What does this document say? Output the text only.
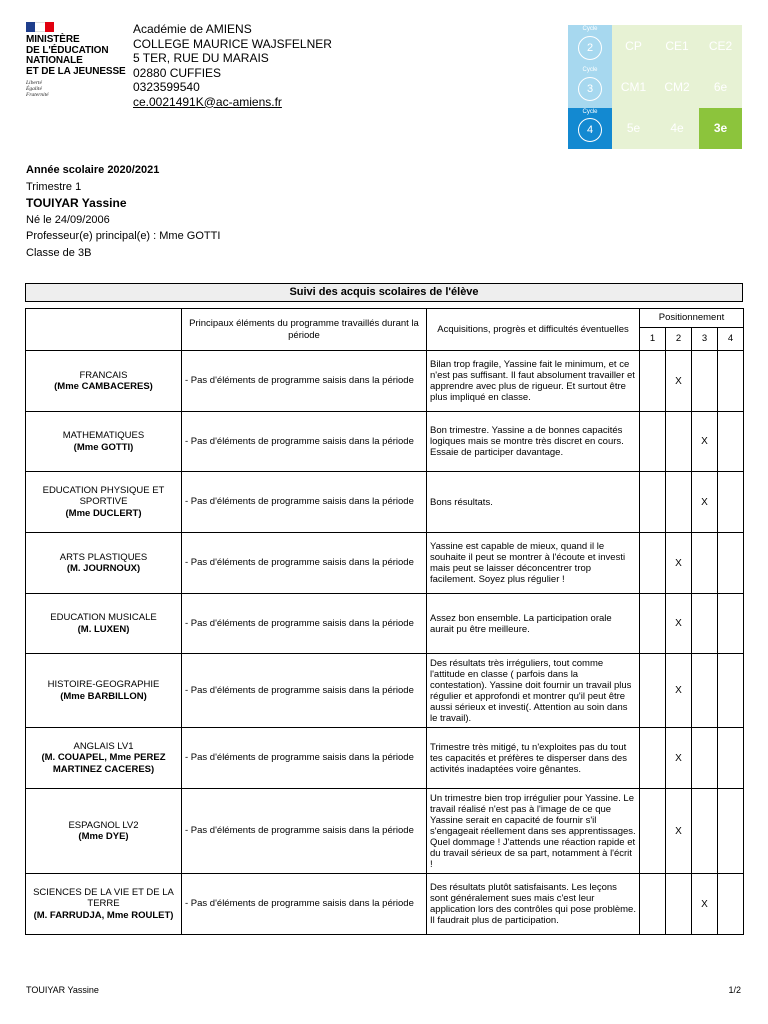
MINISTÈRE
DE L'ÉDUCATION
NATIONALE
ET DE LA JEUNESSE
Liberté
Égalité
Fraternité
Académie de AMIENS
COLLEGE MAURICE WAJSFELNER
5 TER, RUE DU MARAIS
02880 CUFFIES
0323599540
ce.0021491K@ac-amiens.fr
Cycle
2	CP	CE1	CE2
Cycle
3	CM1	CM2	6e
Cycle
4	5e	4e	3e
Année scolaire 2020/2021
Trimestre 1
TOUIYAR Yassine
Né le 24/09/2006
Professeur(e) principal(e) : Mme GOTTI
Classe de 3B
Suivi des acquis scolaires de l'élève
	Principaux éléments du programme travaillés durant la période	Acquisitions, progrès et difficultés éventuelles	Positionnement			
			1	2	3	4
FRANCAIS
(Mme CAMBACERES)	- Pas d'éléments de programme saisis dans la période	Bilan trop fragile, Yassine fait le minimum, et ce n'est pas suffisant. Il faut absolument travailler et apprendre avec plus de rigueur. Et surtout être plus impliqué en classe.		X		
MATHEMATIQUES
(Mme GOTTI)	- Pas d'éléments de programme saisis dans la période	Bon trimestre. Yassine a de bonnes capacités logiques mais se montre très discret en cours. Essaie de participer davantage.			X	
EDUCATION PHYSIQUE ET SPORTIVE
(Mme DUCLERT)	- Pas d'éléments de programme saisis dans la période	Bons résultats.			X	
ARTS PLASTIQUES
(M. JOURNOUX)	- Pas d'éléments de programme saisis dans la période	Yassine est capable de mieux, quand il le souhaite il peut se montrer à l'écoute et investi mais peut se laisser déconcentrer trop facilement. Soyez plus régulier !		X		
EDUCATION MUSICALE
(M. LUXEN)	- Pas d'éléments de programme saisis dans la période	Assez bon ensemble. La participation orale aurait pu être meilleure.		X		
HISTOIRE-GEOGRAPHIE
(Mme BARBILLON)	- Pas d'éléments de programme saisis dans la période	Des résultats très irréguliers, tout comme l'attitude en classe ( parfois dans la contestation). Yassine doit fournir un travail plus régulier et approfondi et montrer qu'il peut être aussi sérieux et investi(. Attention au soin dans le travail).		X		
ANGLAIS LV1
(M. COUAPEL, Mme PEREZ MARTINEZ CACERES)	- Pas d'éléments de programme saisis dans la période	Trimestre très mitigé, tu n'exploites pas du tout tes capacités et préfères te disperser dans des activités inadaptées voire gênantes.		X		
ESPAGNOL LV2
(Mme DYE)	- Pas d'éléments de programme saisis dans la période	Un trimestre bien trop irrégulier pour Yassine. Le travail réalisé n'est pas à l'image de ce que Yassine serait en capacité de fournir s'il s'engageait réellement dans ses apprentissages. Quel dommage ! J'attends une réaction rapide et du travail sérieux de sa part, notamment à l'écrit !		X		
SCIENCES DE LA VIE ET DE LA TERRE
(M. FARRUDJA, Mme ROULET)	- Pas d'éléments de programme saisis dans la période	Des résultats plutôt satisfaisants. Les leçons sont généralement sues mais c'est leur application lors des contrôles qui pose problème. Il faudrait plus de participation.			X	
TOUIYAR Yassine	1/2
